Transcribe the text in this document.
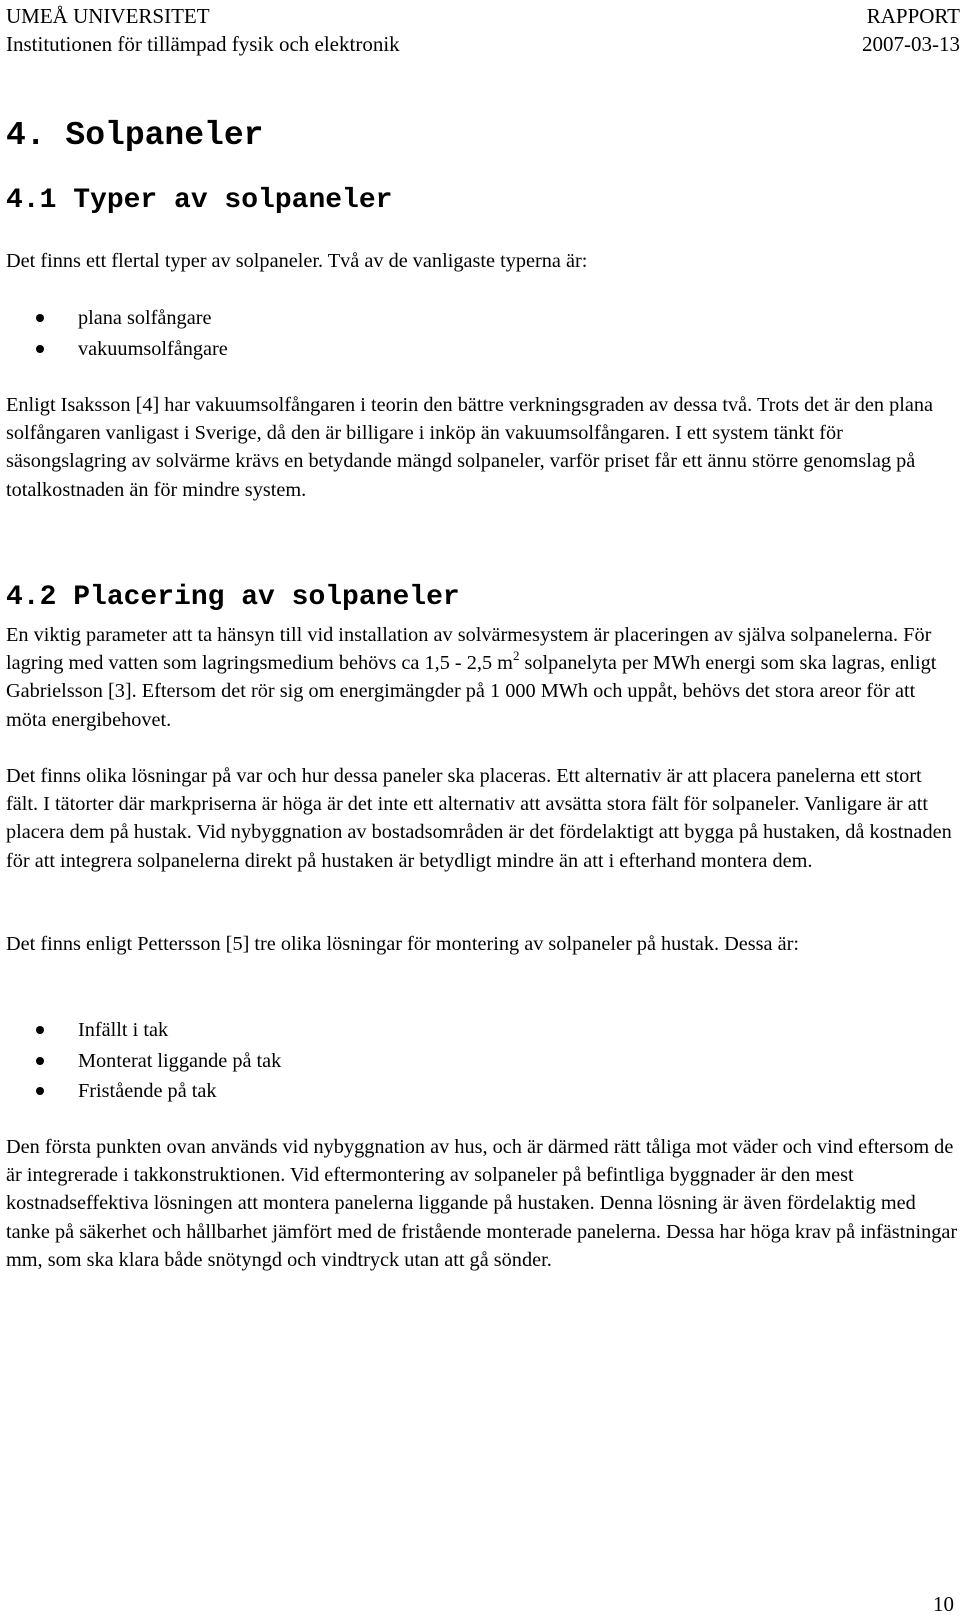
UMEÅ UNIVERSITET	RAPPORT
Institutionen för tillämpad fysik och elektronik	2007-03-13
4. Solpaneler
4.1 Typer av solpaneler

Det finns ett flertal typer av solpaneler. Två av de vanligaste typerna är:

plana solfångare
vakuumsolfångare

Enligt Isaksson [4] har vakuumsolfångaren i teorin den bättre verkningsgraden av dessa två. Trots det är den plana solfångaren vanligast i Sverige, då den är billigare i inköp än vakuumsolfångaren. I ett system tänkt för säsongslagring av solvärme krävs en betydande mängd solpaneler, varför priset får ett ännu större genomslag på totalkostnaden än för mindre system.

4.2 Placering av solpaneler

En viktig parameter att ta hänsyn till vid installation av solvärmesystem är placeringen av själva solpanelerna. För lagring med vatten som lagringsmedium behövs ca 1,5 - 2,5 $m^2$ solpanelyta per MWh energi som ska lagras, enligt Gabrielsson [3]. Eftersom det rör sig om energimängder på 1 000 MWh och uppåt, behövs det stora areor för att möta energibehovet.

Det finns olika lösningar på var och hur dessa paneler ska placeras. Ett alternativ är att placera panelerna ett stort fält. I tätorter där markpriserna är höga är det inte ett alternativ att avsätta stora fält för solpaneler. Vanligare är att placera dem på hustak. Vid nybyggnation av bostadsområden är det fördelaktigt att bygga på hustaken, då kostnaden för att integrera solpanelerna direkt på hustaken är betydligt mindre än att i efterhand montera dem.

Det finns enligt Pettersson [5] tre olika lösningar för montering av solpaneler på hustak. Dessa är:

Infällt i tak
Monterat liggande på tak
Fristående på tak

Den första punkten ovan används vid nybyggnation av hus, och är därmed rätt tåliga mot väder och vind eftersom de är integrerade i takkonstruktionen. Vid eftermontering av solpaneler på befintliga byggnader är den mest kostnadseffektiva lösningen att montera panelerna liggande på hustaken. Denna lösning är även fördelaktig med tanke på säkerhet och hållbarhet jämfört med de fristående monterade panelerna. Dessa har höga krav på infästningar mm, som ska klara både snötyngd och vindtryck utan att gå sönder.

10
